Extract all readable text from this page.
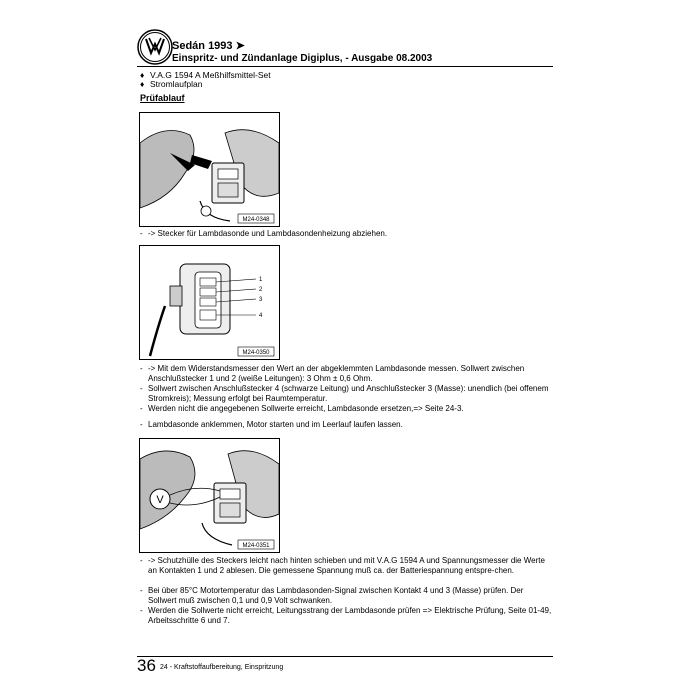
Sedán 1993 ➤
Einspritz- und Zündanlage Digiplus, - Ausgabe 08.2003
♦ V.A.G 1594 A Meßhilfsmittel-Set
♦ Stromlaufplan
Prüfablauf
M24-0348
- -> Stecker für Lambdasonde und Lambdasondenheizung abziehen.
1
2
3
4
M24-0350
- -> Mit dem Widerstandsmesser den Wert an der abgeklemmten Lambdasonde messen. Sollwert zwischen Anschlußstecker 1 und 2 (weiße Leitungen): 3 Ohm ± 0,6 Ohm.
- Sollwert zwischen Anschlußstecker 4 (schwarze Leitung) und Anschlußstecker 3 (Masse): unendlich (bei offenem Stromkreis); Messung erfolgt bei Raumtemperatur.
- Werden nicht die angegebenen Sollwerte erreicht, Lambdasonde ersetzen,=> Seite 24-3.
- Lambdasonde anklemmen, Motor starten und im Leerlauf laufen lassen.
V
M24-0351
- -> Schutzhülle des Steckers leicht nach hinten schieben und mit V.A.G 1594 A und Spannungsmesser die Werte an Kontakten 1 und 2 ablesen. Die gemessene Spannung muß ca. der Batteriespannung entspre-chen.
- Bei über 85°C Motortemperatur das Lambdasonden-Signal zwischen Kontakt 4 und 3 (Masse) prüfen. Der Sollwert muß zwischen 0,1 und 0,9 Volt schwanken.
- Werden die Sollwerte nicht erreicht, Leitungsstrang der Lambdasonde prüfen => Elektrische Prüfung, Seite 01-49, Arbeitsschritte 6 und 7.
36 24 - Kraftstoffaufbereitung, Einspritzung
